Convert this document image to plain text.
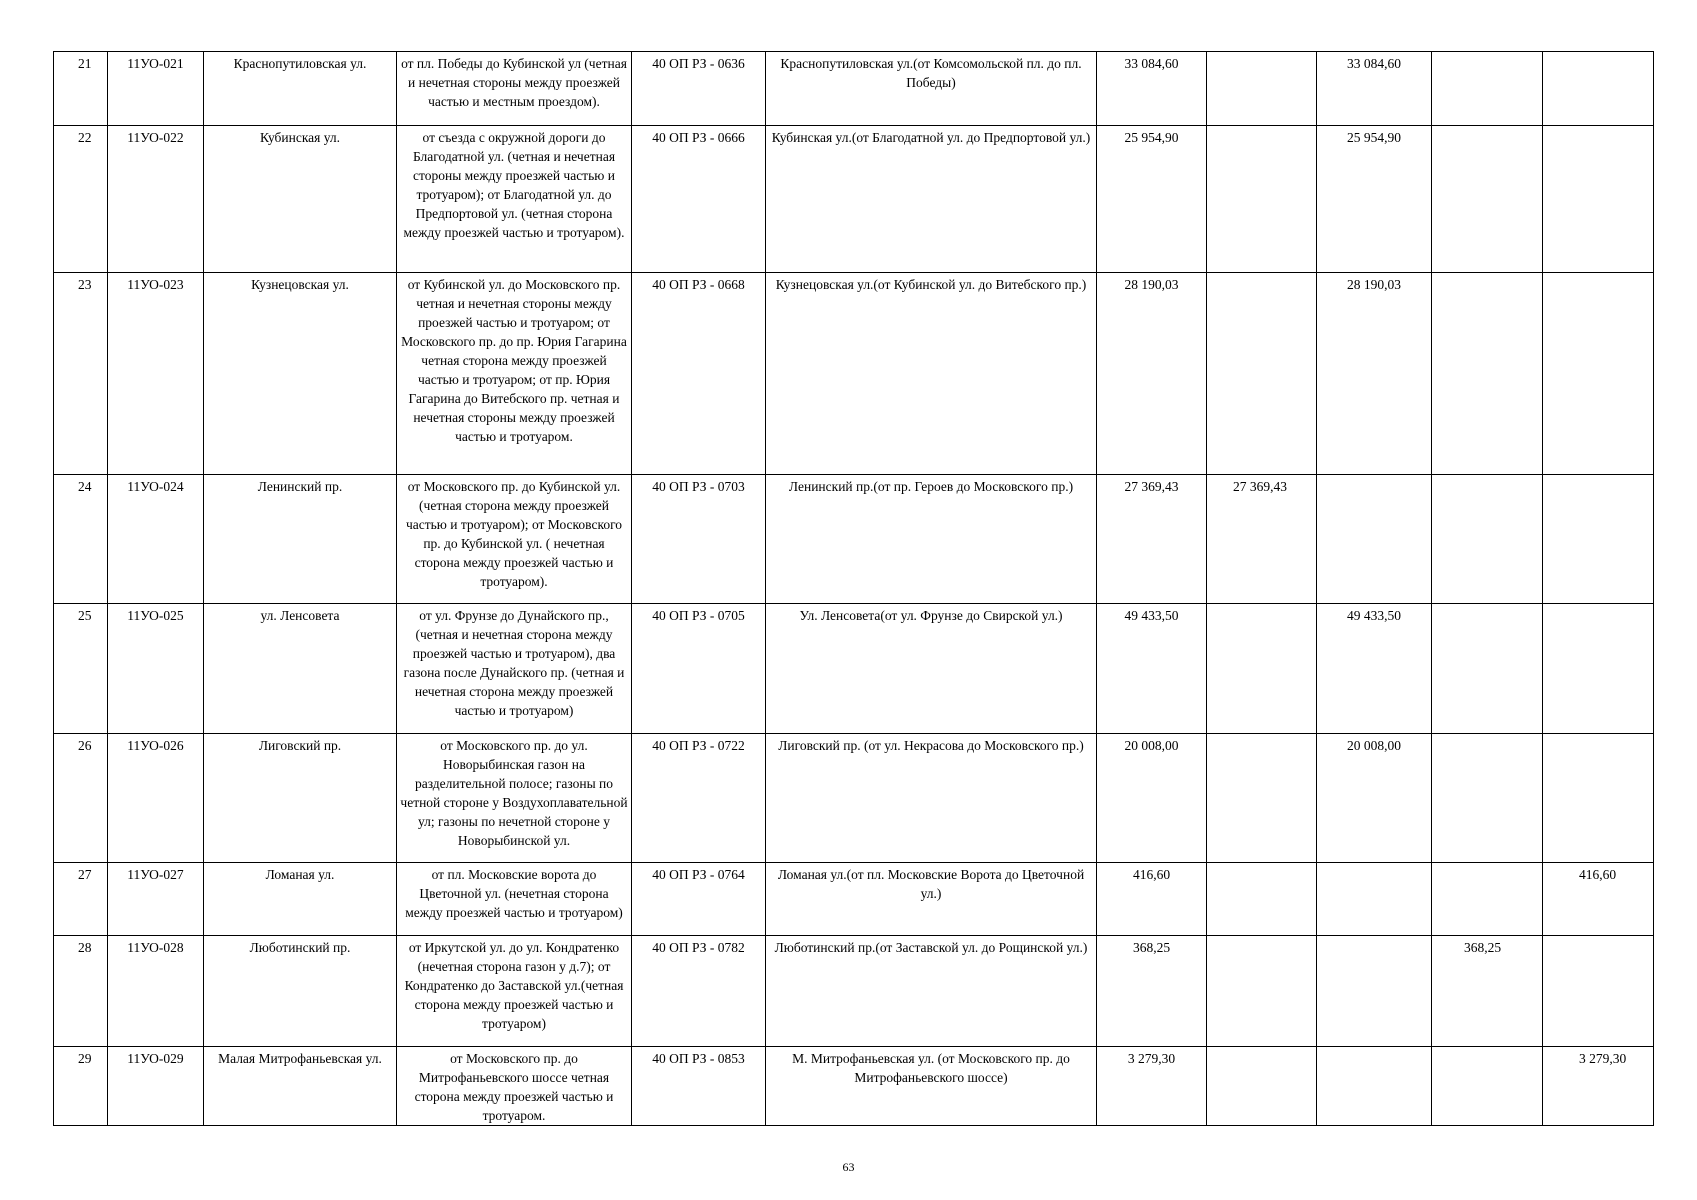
21	11УО-021	Краснопутиловская ул.	от пл. Победы до Кубинской ул (четная и нечетная стороны между проезжей частью и местным проездом).	40 ОП РЗ - 0636	Краснопутиловская ул.(от Комсомольской пл. до пл. Победы)	33 084,60		33 084,60		
22	11УО-022	Кубинская ул.	от съезда с окружной дороги до Благодатной ул. (четная и нечетная стороны между проезжей частью и тротуаром); от Благодатной ул. до Предпортовой ул. (четная сторона между проезжей частью и тротуаром).	40 ОП РЗ - 0666	Кубинская ул.(от Благодатной ул. до Предпортовой ул.)	25 954,90		25 954,90		
23	11УО-023	Кузнецовская ул.	от Кубинской ул. до Московского пр. четная и нечетная стороны между проезжей частью и тротуаром; от Московского пр. до пр. Юрия Гагарина четная сторона между проезжей частью и тротуаром; от пр. Юрия Гагарина до Витебского пр. четная и нечетная стороны между проезжей частью и тротуаром.	40 ОП РЗ - 0668	Кузнецовская ул.(от Кубинской ул. до Витебского пр.)	28 190,03		28 190,03		
24	11УО-024	Ленинский пр.	от Московского пр. до Кубинской ул. (четная сторона между проезжей частью и тротуаром); от Московского пр. до Кубинской ул. ( нечетная сторона между проезжей частью и тротуаром).	40 ОП РЗ - 0703	Ленинский пр.(от пр. Героев до Московского пр.)	27 369,43	27 369,43			
25	11УО-025	ул. Ленсовета	от ул. Фрунзе до Дунайского пр., (четная и нечетная сторона между проезжей частью и тротуаром), два газона после Дунайского пр. (четная и нечетная сторона между проезжей частью и тротуаром)	40 ОП РЗ - 0705	Ул. Ленсовета(от ул. Фрунзе до Свирской ул.)	49 433,50		49 433,50		
26	11УО-026	Лиговский пр.	от Московского пр. до ул. Новорыбинская газон на разделительной полосе; газоны по четной стороне у Воздухоплавательной ул; газоны по нечетной стороне у Новорыбинской ул.	40 ОП РЗ - 0722	Лиговский пр. (от ул. Некрасова до Московского пр.)	20 008,00		20 008,00		
27	11УО-027	Ломаная ул.	от пл. Московские ворота до Цветочной ул. (нечетная сторона между проезжей частью и тротуаром)	40 ОП РЗ - 0764	Ломаная ул.(от пл. Московские Ворота до Цветочной ул.)	416,60				416,60
28	11УО-028	Люботинский пр.	от Иркутской ул. до ул. Кондратенко (нечетная сторона газон у д.7); от Кондратенко до Заставской ул.(четная сторона между проезжей частью и тротуаром)	40 ОП РЗ - 0782	Люботинский пр.(от Заставской ул. до Рощинской ул.)	368,25			368,25	
29	11УО-029	Малая Митрофаньевская ул.	от Московского пр. до Митрофаньевского шоссе четная сторона между проезжей частью и тротуаром.	40 ОП РЗ - 0853	М. Митрофаньевская ул. (от Московского пр. до Митрофаньевского шоссе)	3 279,30				3 279,30
63
